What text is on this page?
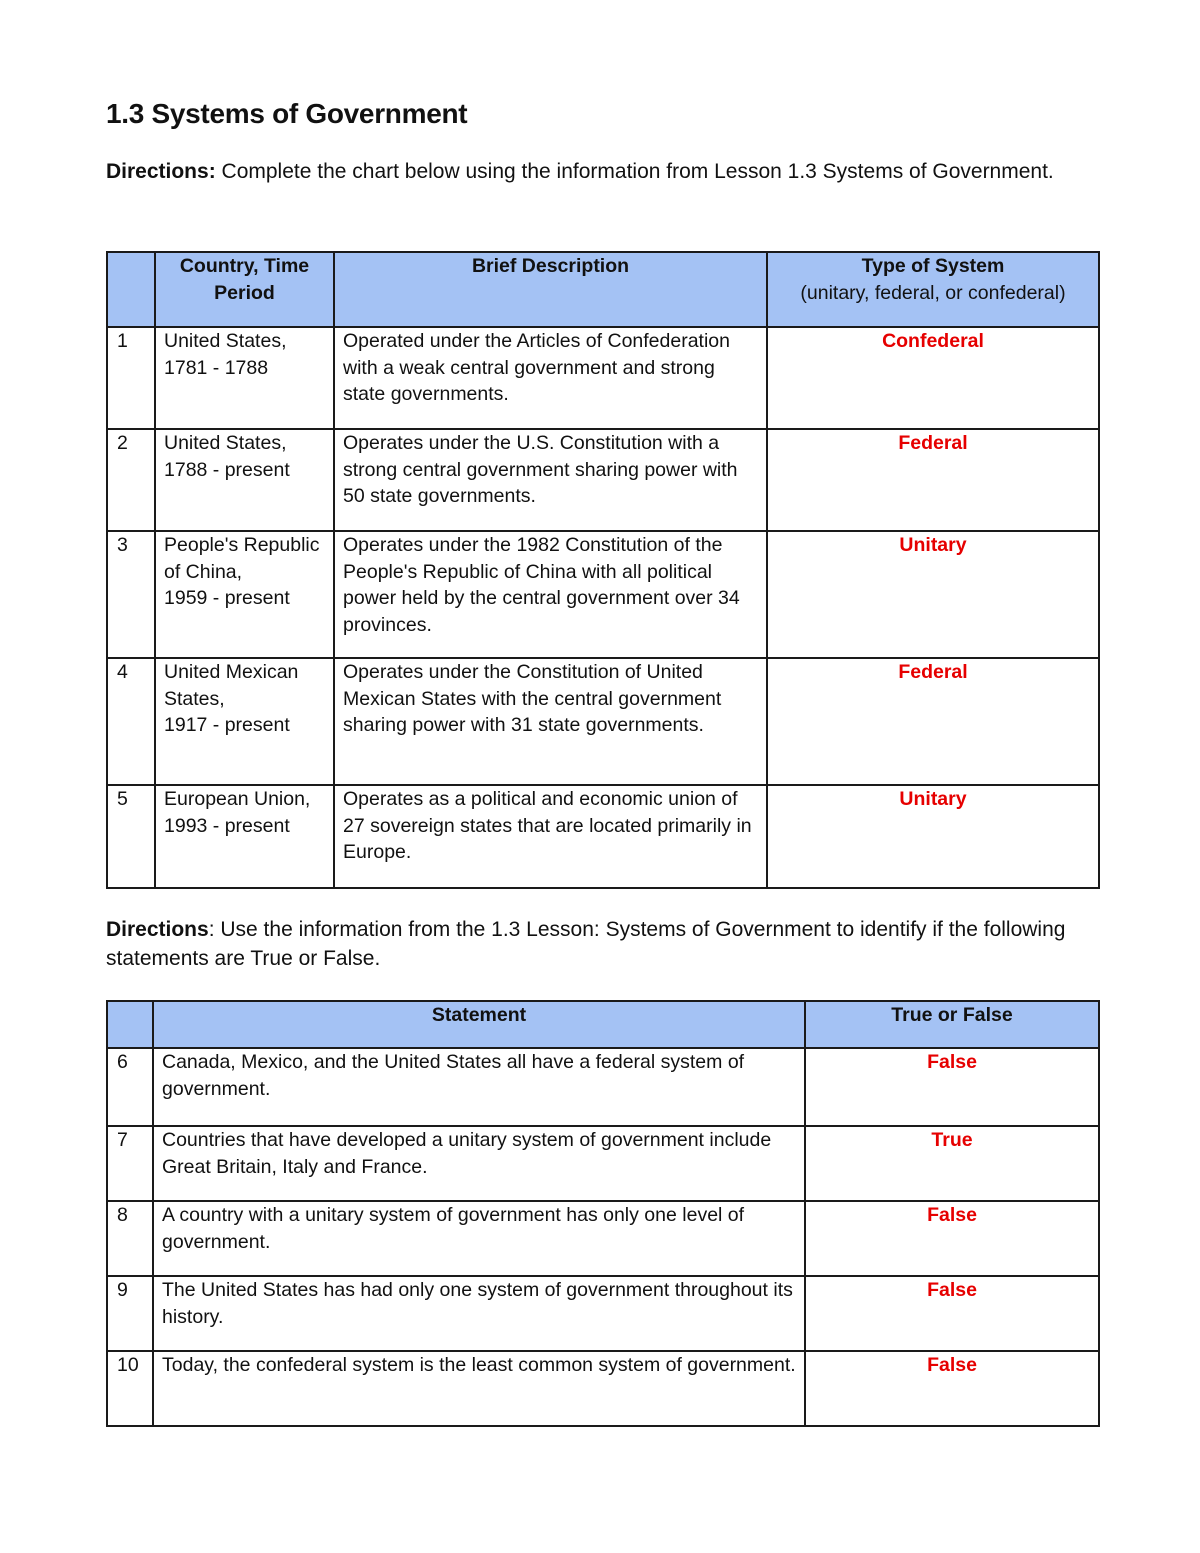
1.3 Systems of Government

Directions: Complete the chart below using the information from Lesson 1.3 Systems of Government.

	Country, Time Period	Brief Description	Type of System
(unitary, federal, or confederal)

1	United States,
1781 - 1788	Operated under the Articles of Confederation with a weak central government and strong state governments.	Confederal
2	United States,
1788 - present	Operates under the U.S. Constitution with a strong central government sharing power with 50 state governments.	Federal
3	People's Republic of China,
1959 - present	Operates under the 1982 Constitution of the People's Republic of China with all political power held by the central government over 34 provinces.	Unitary
4	United Mexican States,
1917 - present	Operates under the Constitution of United Mexican States with the central government sharing power with 31 state governments.	Federal
5	European Union,
1993 - present	Operates as a political and economic union of 27 sovereign states that are located primarily in Europe.	Unitary

Directions: Use the information from the 1.3 Lesson: Systems of Government to identify if the following statements are True or False.

	Statement	True or False
6	Canada, Mexico, and the United States all have a federal system of government.	False
7	Countries that have developed a unitary system of government include Great Britain, Italy and France.	True
8	A country with a unitary system of government has only one level of government.	False
9	The United States has had only one system of government throughout its history.	False
10	Today, the confederal system is the least common system of government.	False
